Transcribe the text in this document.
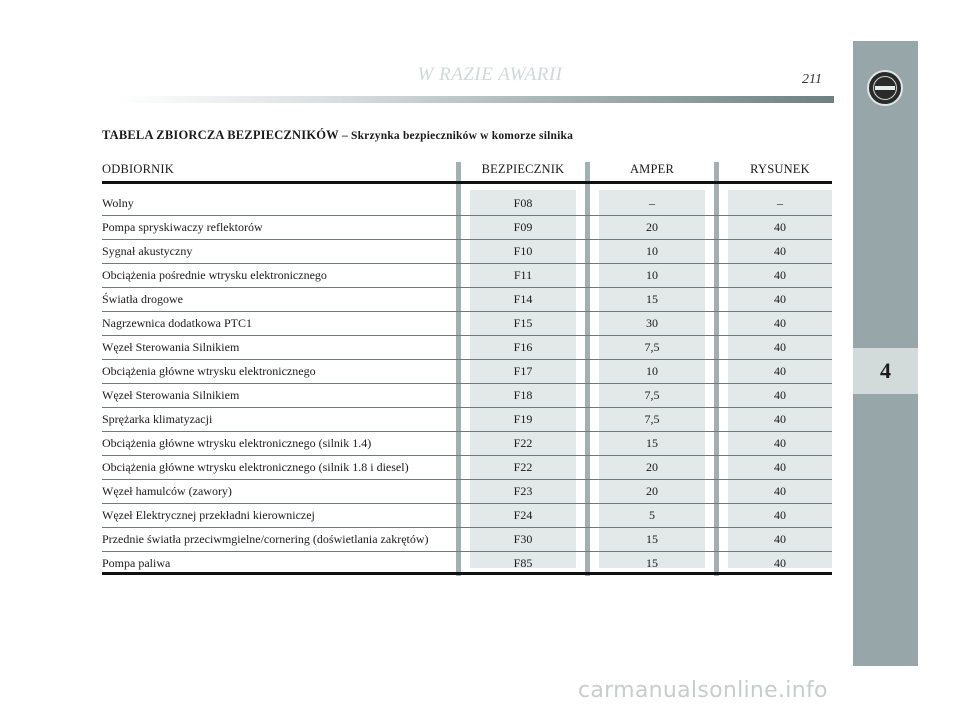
W RAZIE AWARII	211
4
TABELA ZBIORCZA BEZPIECZNIKÓW – Skrzynka bezpieczników w komorze silnika
ODBIORNIK	BEZPIECZNIK	AMPER	RYSUNEK
Wolny	F08	–	–
Pompa spryskiwaczy reflektorów	F09	20	40
Sygnał akustyczny	F10	10	40
Obciążenia pośrednie wtrysku elektronicznego	F11	10	40
Światła drogowe	F14	15	40
Nagrzewnica dodatkowa PTC1	F15	30	40
Węzeł Sterowania Silnikiem	F16	7,5	40
Obciążenia główne wtrysku elektronicznego	F17	10	40
Węzeł Sterowania Silnikiem	F18	7,5	40
Sprężarka klimatyzacji	F19	7,5	40
Obciążenia główne wtrysku elektronicznego (silnik 1.4)	F22	15	40
Obciążenia główne wtrysku elektronicznego (silnik 1.8 i diesel)	F22	20	40
Węzeł hamulców (zawory)	F23	20	40
Węzeł Elektrycznej przekładni kierowniczej	F24	5	40
Przednie światła przeciwmgielne/cornering (doświetlania zakrętów)	F30	15	40
Pompa paliwa	F85	15	40
carmanualsonline.info
